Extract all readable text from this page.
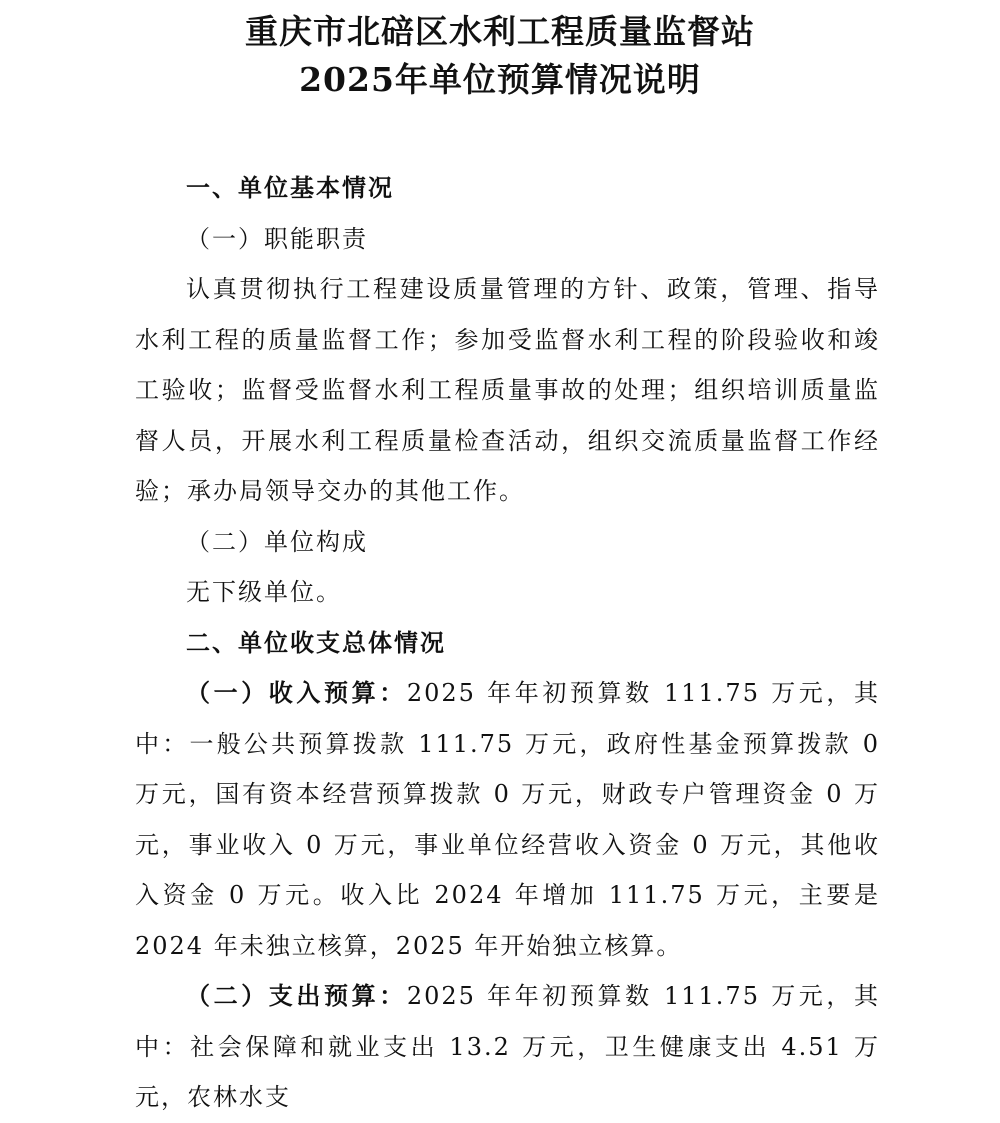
重庆市北碚区水利工程质量监督站
2025年单位预算情况说明

一、单位基本情况

（一）职能职责

认真贯彻执行工程建设质量管理的方针、政策，管理、指导水利工程的质量监督工作；参加受监督水利工程的阶段验收和竣工验收；监督受监督水利工程质量事故的处理；组织培训质量监督人员，开展水利工程质量检查活动，组织交流质量监督工作经验；承办局领导交办的其他工作。

（二）单位构成

无下级单位。

二、单位收支总体情况

（一）收入预算：2025 年年初预算数 111.75 万元，其中：一般公共预算拨款 111.75 万元，政府性基金预算拨款 0 万元，国有资本经营预算拨款 0 万元，财政专户管理资金 0 万元，事业收入 0 万元，事业单位经营收入资金 0 万元，其他收入资金 0 万元。收入比 2024 年增加 111.75 万元，主要是 2024 年未独立核算，2025 年开始独立核算。

（二）支出预算：2025 年年初预算数 111.75 万元，其中：社会保障和就业支出 13.2 万元，卫生健康支出 4.51 万元，农林水支
